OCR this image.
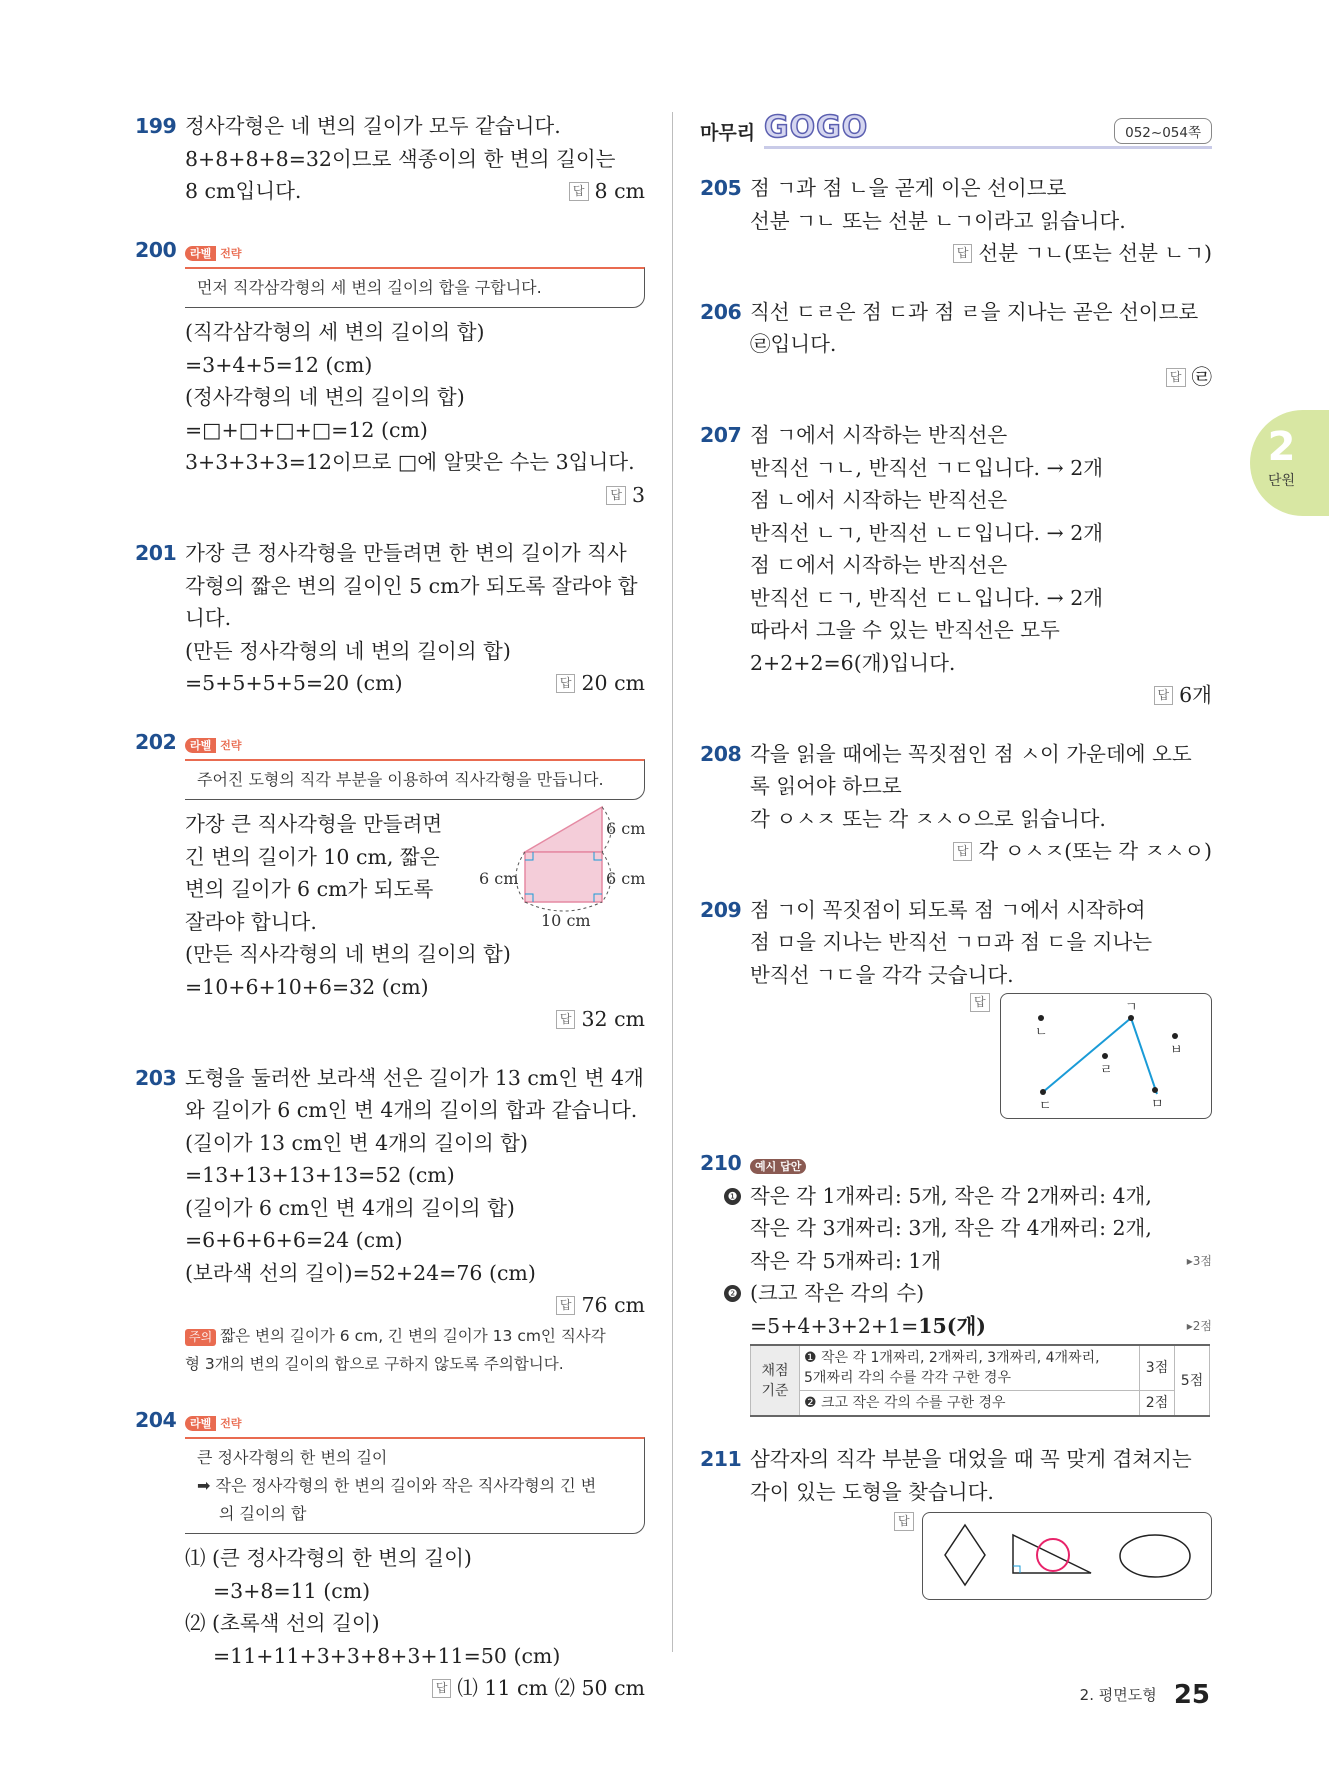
199 정사각형은 네 변의 길이가 모두 같습니다.
8+8+8+8=32이므로 색종이의 한 변의 길이는
8 cm입니다.	답 8 cm
200	라벨 전략
먼저 직각삼각형의 세 변의 길이의 합을 구합니다.
(직각삼각형의 세 변의 길이의 합)
=3+4+5=12 (cm)
(정사각형의 네 변의 길이의 합)
=□+□+□+□=12 (cm)
3+3+3+3=12이므로 □에 알맞은 수는 3입니다.
답 3
201 가장 큰 정사각형을 만들려면 한 변의 길이가 직사
각형의 짧은 변의 길이인 5 cm가 되도록 잘라야 합
니다.
(만든 정사각형의 네 변의 길이의 합)
=5+5+5+5=20 (cm)	답 20 cm
202	라벨 전략
주어진 도형의 직각 부분을 이용하여 직사각형을 만듭니다.
가장 큰 직사각형을 만들려면
긴 변의 길이가 10 cm, 짧은
변의 길이가 6 cm가 되도록
잘라야 합니다.
6 cm
6 cm
6 cm
10 cm
(만든 직사각형의 네 변의 길이의 합)
=10+6+10+6=32 (cm)
답 32 cm
203 도형을 둘러싼 보라색 선은 길이가 13 cm인 변 4개
와 길이가 6 cm인 변 4개의 길이의 합과 같습니다.
(길이가 13 cm인 변 4개의 길이의 합)
=13+13+13+13=52 (cm)
(길이가 6 cm인 변 4개의 길이의 합)
=6+6+6+6=24 (cm)
(보라색 선의 길이)=52+24=76 (cm)
답 76 cm
주의 짧은 변의 길이가 6 cm, 긴 변의 길이가 13 cm인 직사각
형 3개의 변의 길이의 합으로 구하지 않도록 주의합니다.
204	라벨 전략
큰 정사각형의 한 변의 길이
➡ 작은 정사각형의 한 변의 길이와 작은 직사각형의 긴 변
의 길이의 합
⑴ (큰 정사각형의 한 변의 길이)
=3+8=11 (cm)
⑵ (초록색 선의 길이)
=11+11+3+3+8+3+11=50 (cm)
답 ⑴ 11 cm ⑵ 50 cm
마무리 GOGO	052~054쪽
205 점 ㄱ과 점 ㄴ을 곧게 이은 선이므로
선분 ㄱㄴ 또는 선분 ㄴㄱ이라고 읽습니다.
답 선분 ㄱㄴ(또는 선분 ㄴㄱ)
206 직선 ㄷㄹ은 점 ㄷ과 점 ㄹ을 지나는 곧은 선이므로
㉣입니다.
답 ㉣
207 점 ㄱ에서 시작하는 반직선은
반직선 ㄱㄴ, 반직선 ㄱㄷ입니다. → 2개
점 ㄴ에서 시작하는 반직선은
반직선 ㄴㄱ, 반직선 ㄴㄷ입니다. → 2개
점 ㄷ에서 시작하는 반직선은
반직선 ㄷㄱ, 반직선 ㄷㄴ입니다. → 2개
따라서 그을 수 있는 반직선은 모두
2+2+2=6(개)입니다.
답 6개
208 각을 읽을 때에는 꼭짓점인 점 ㅅ이 가운데에 오도
록 읽어야 하므로
각 ㅇㅅㅈ 또는 각 ㅈㅅㅇ으로 읽습니다.
답 각 ㅇㅅㅈ(또는 각 ㅈㅅㅇ)
209 점 ㄱ이 꼭짓점이 되도록 점 ㄱ에서 시작하여
점 ㅁ을 지나는 반직선 ㄱㅁ과 점 ㄷ을 지나는
반직선 ㄱㄷ을 각각 긋습니다.
답	ㄱ
ㄴ
ㄷ
ㄹ
ㅁ
ㅂ
210	예시 답안
❶ 작은 각 1개짜리: 5개, 작은 각 2개짜리: 4개,
작은 각 3개짜리: 3개, 작은 각 4개짜리: 2개,
작은 각 5개짜리: 1개	▸3점
❷ (크고 작은 각의 수)
=5+4+3+2+1=15(개)	▸2점
채점
기준	❶ 작은 각 1개짜리, 2개짜리, 3개짜리, 4개짜리,
5개짜리 각의 수를 각각 구한 경우	3점	5점
	❷ 크고 작은 각의 수를 구한 경우	2점	
211 삼각자의 직각 부분을 대었을 때 꼭 맞게 겹쳐지는
각이 있는 도형을 찾습니다.
답
2
단원
2. 평면도형 25
